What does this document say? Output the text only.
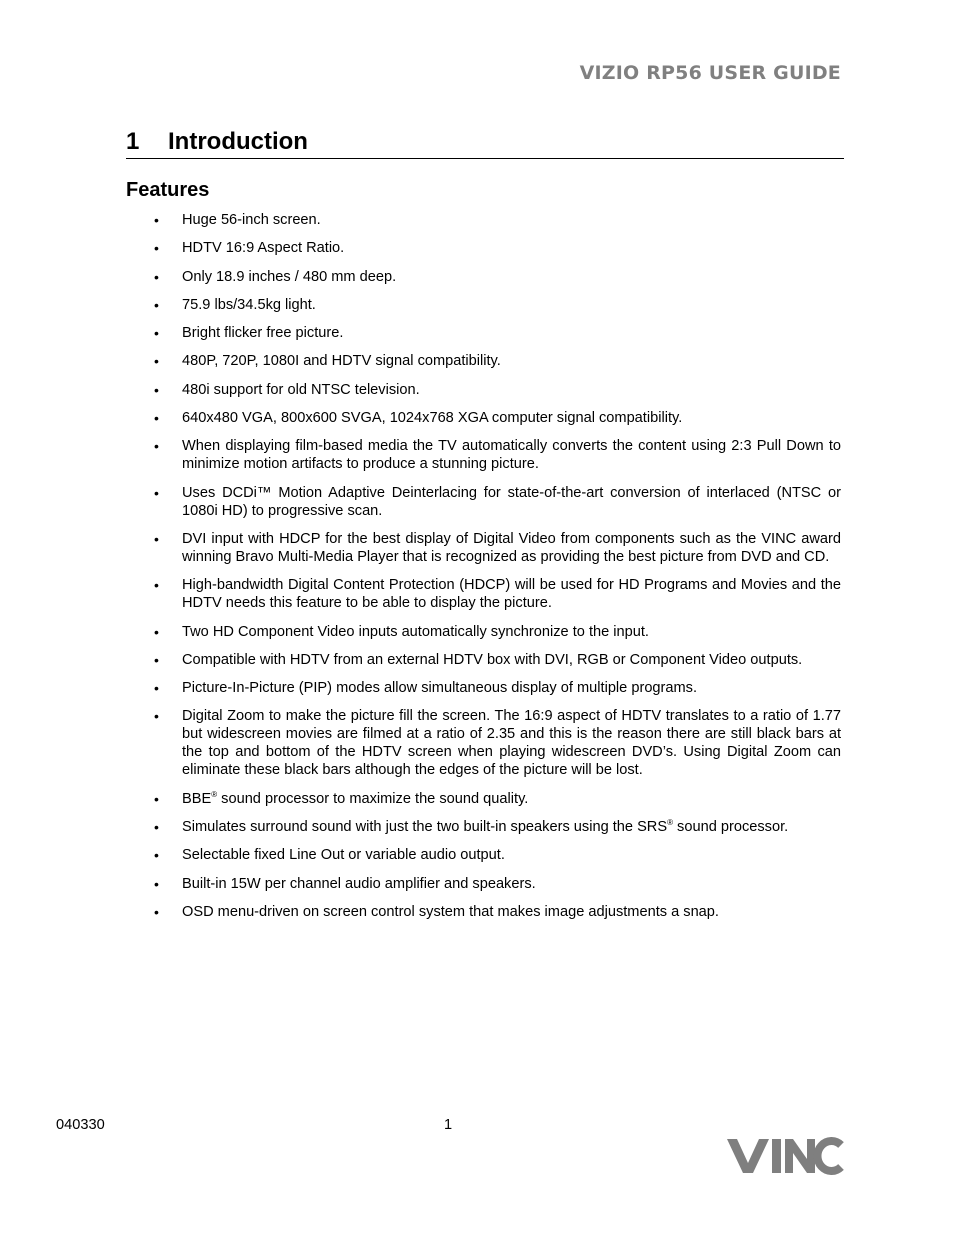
VIZIO RP56 USER GUIDE
1 Introduction
Features
• Huge 56-inch screen.
• HDTV 16:9 Aspect Ratio.
• Only 18.9 inches / 480 mm deep.
• 75.9 lbs/34.5kg light.
• Bright flicker free picture.
• 480P, 720P, 1080I and HDTV signal compatibility.
• 480i support for old NTSC television.
• 640x480 VGA, 800x600 SVGA, 1024x768 XGA computer signal compatibility.
• When displaying film-based media the TV automatically converts the content using 2:3 Pull Down to minimize motion artifacts to produce a stunning picture.
• Uses DCDi™ Motion Adaptive Deinterlacing for state-of-the-art conversion of interlaced (NTSC or 1080i HD) to progressive scan.
• DVI input with HDCP for the best display of Digital Video from components such as the VINC award winning Bravo Multi-Media Player that is recognized as providing the best picture from DVD and CD.
• High-bandwidth Digital Content Protection (HDCP) will be used for HD Programs and Movies and the HDTV needs this feature to be able to display the picture.
• Two HD Component Video inputs automatically synchronize to the input.
• Compatible with HDTV from an external HDTV box with DVI, RGB or Component Video outputs.
• Picture-In-Picture (PIP) modes allow simultaneous display of multiple programs.
• Digital Zoom to make the picture fill the screen. The 16:9 aspect of HDTV translates to a ratio of 1.77 but widescreen movies are filmed at a ratio of 2.35 and this is the reason there are still black bars at the top and bottom of the HDTV screen when playing widescreen DVD’s. Using Digital Zoom can eliminate these black bars although the edges of the picture will be lost.
• BBE® sound processor to maximize the sound quality.
• Simulates surround sound with just the two built-in speakers using the SRS® sound processor.
• Selectable fixed Line Out or variable audio output.
• Built-in 15W per channel audio amplifier and speakers.
• OSD menu-driven on screen control system that makes image adjustments a snap.
040330	1
